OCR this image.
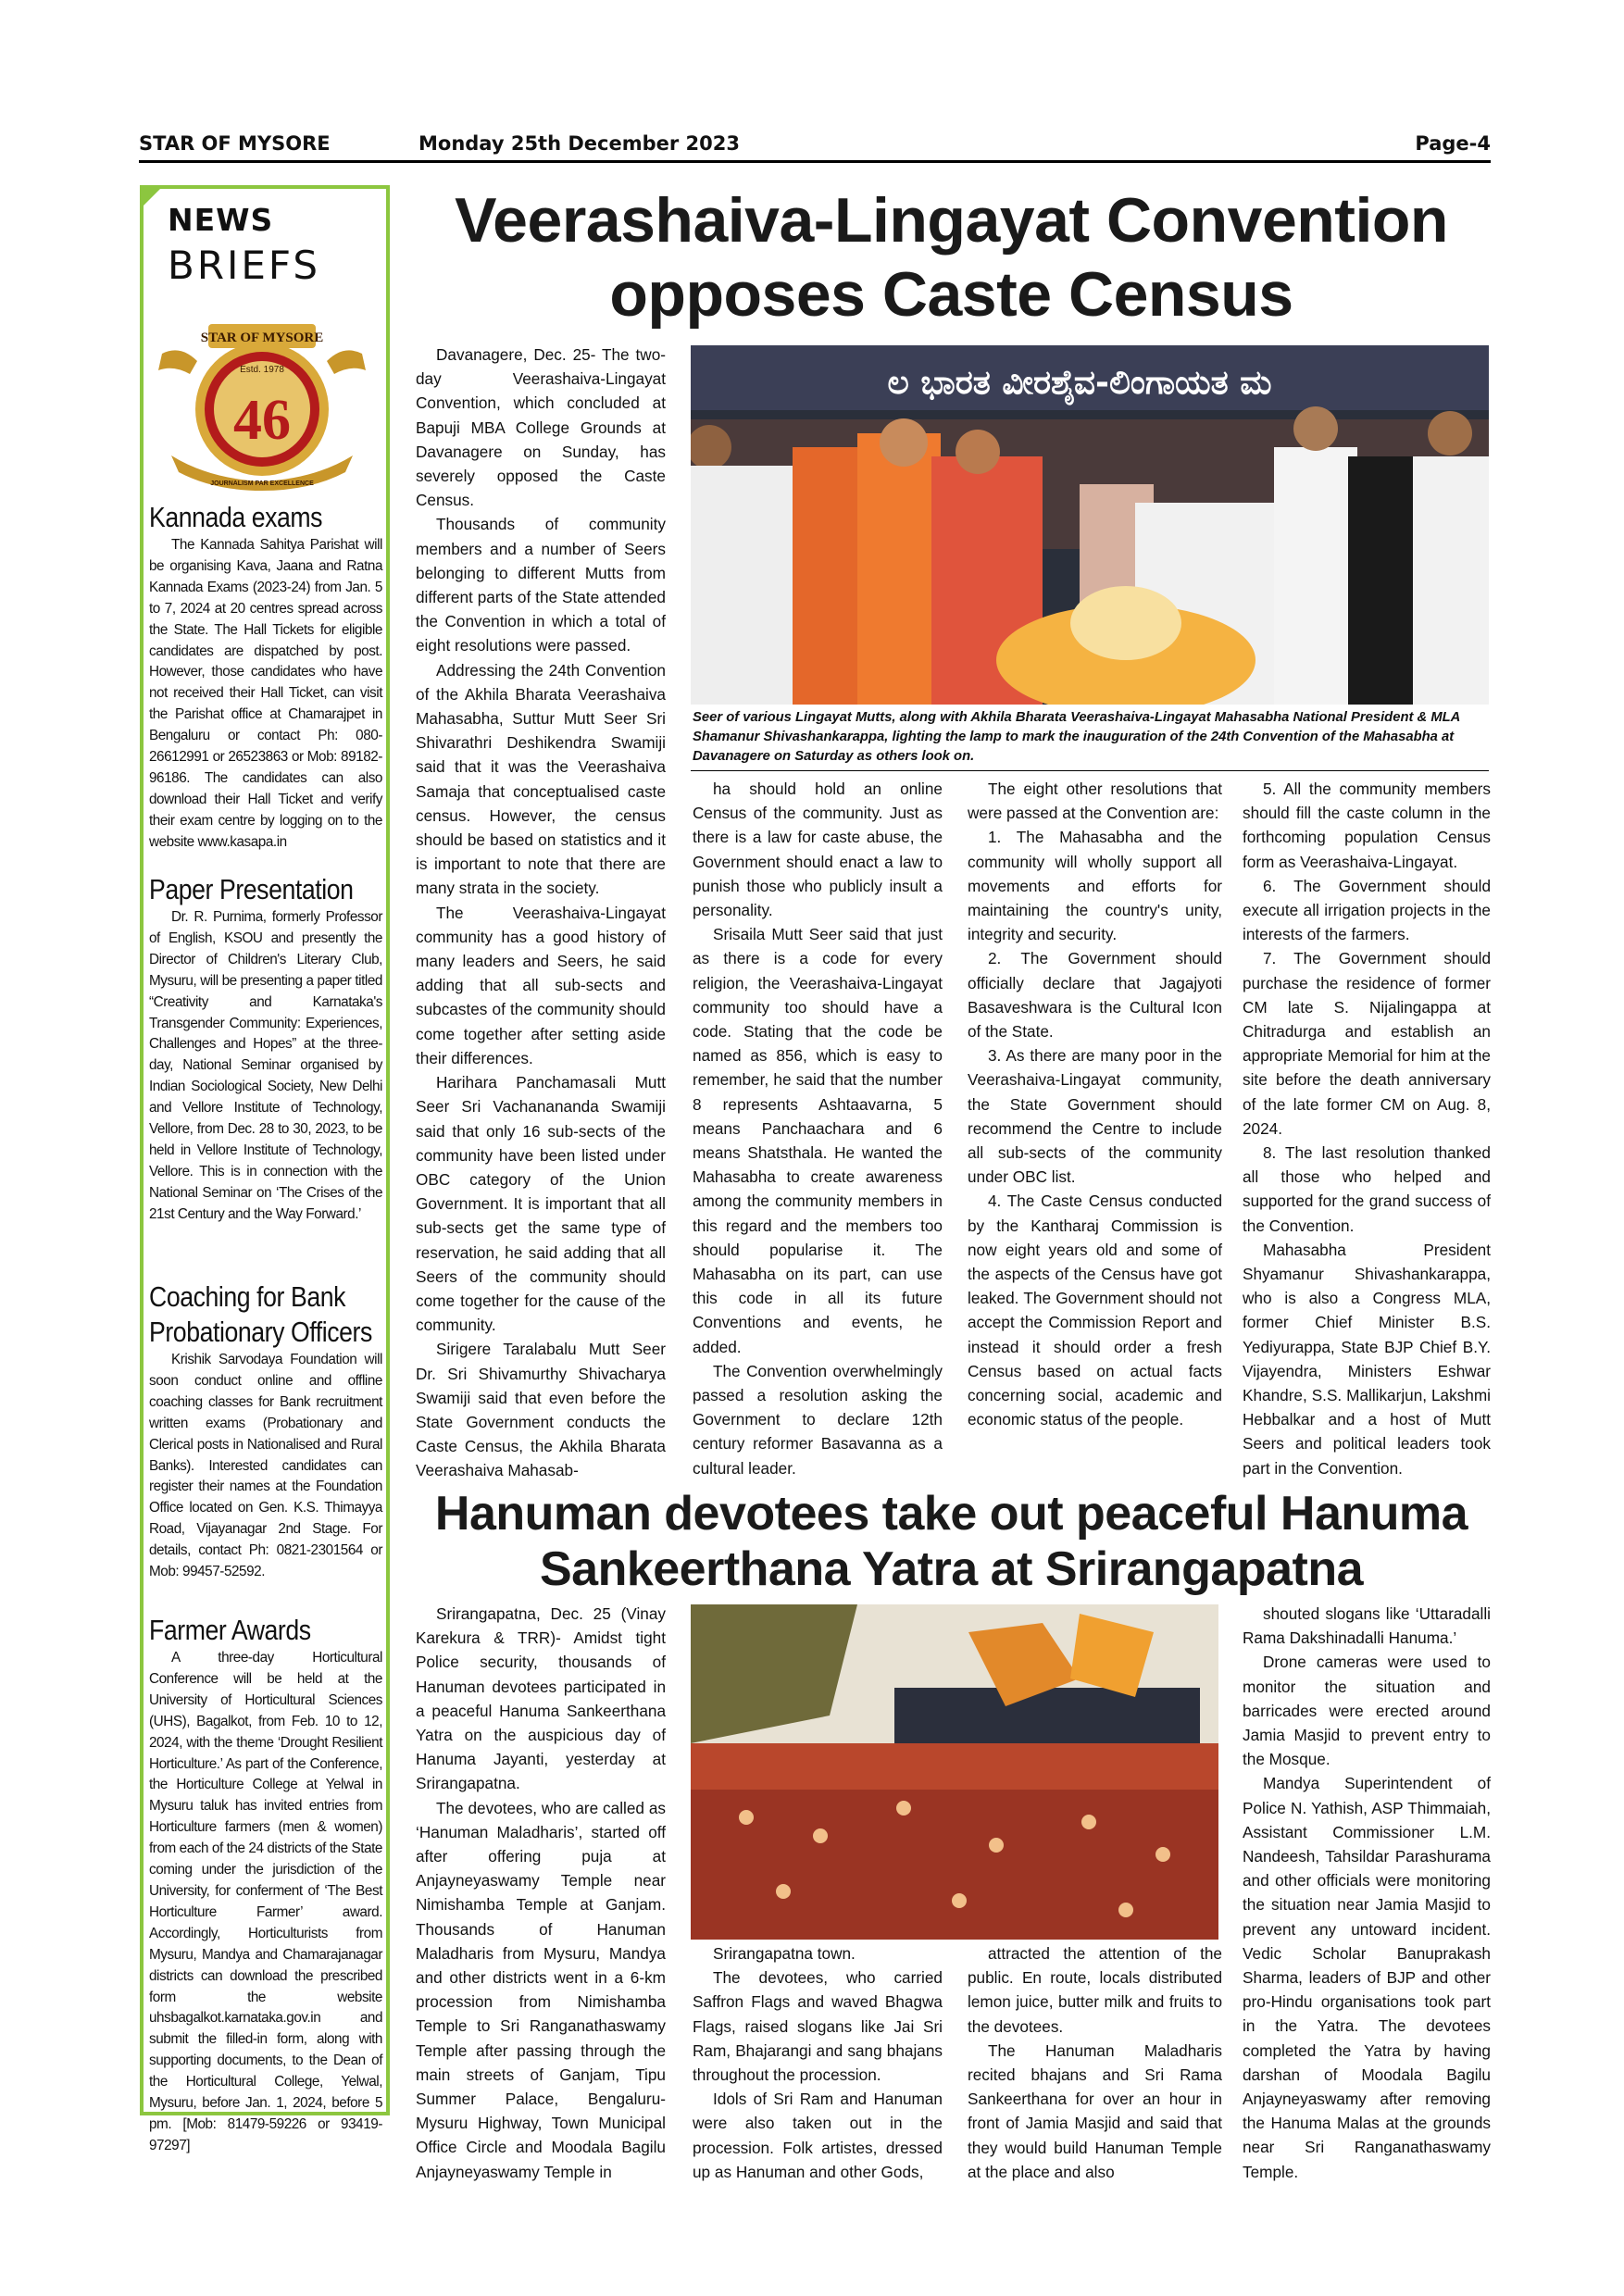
STAR OF MYSORE	Monday 25th December 2023	Page-4
NEWS
BRIEFS
STAR OF MYSORE
Estd. 1978
46
JOURNALISM PAR EXCELLENCE
Kannada exams

The Kannada Sahitya Parishat will be organising Kava, Jaana and Ratna Kannada Exams (2023-24) from Jan. 5 to 7, 2024 at 20 centres spread across the State. The Hall Tickets for eligible candidates are dispatched by post. However, those candidates who have not received their Hall Ticket, can visit the Parishat office at Chamarajpet in Bengaluru or contact Ph: 080-26612991 or 26523863 or Mob: 89182-96186. The candidates can also download their Hall Ticket and verify their exam centre by logging on to the website www.kasapa.in

Paper Presentation

Dr. R. Purnima, formerly Professor of English, KSOU and presently the Director of Children's Literary Club, Mysuru, will be presenting a paper titled “Creativity and Karnataka's Transgender Community: Experiences, Challenges and Hopes” at the three-day, National Seminar organised by Indian Sociological Society, New Delhi and Vellore Institute of Technology, Vellore, from Dec. 28 to 30, 2023, to be held in Vellore Institute of Technology, Vellore. This is in connection with the National Seminar on ‘The Crises of the 21st Century and the Way Forward.’

Coaching for Bank
Probationary Officers

Krishik Sarvodaya Foundation will soon conduct online and offline coaching classes for Bank recruitment written exams (Probationary and Clerical posts in Nationalised and Rural Banks). Interested candidates can register their names at the Foundation Office located on Gen. K.S. Thimayya Road, Vijayanagar 2nd Stage. For details, contact Ph: 0821-2301564 or Mob: 99457-52592.

Farmer Awards

A three-day Horticultural Conference will be held at the University of Horticultural Sciences (UHS), Bagalkot, from Feb. 10 to 12, 2024, with the theme ‘Drought Resilient Horticulture.’ As part of the Conference, the Horticulture College at Yelwal in Mysuru taluk has invited entries from Horticulture farmers (men & women) from each of the 24 districts of the State coming under the jurisdiction of the University, for conferment of ‘The Best Horticulture Farmer’ award. Accordingly, Horticulturists from Mysuru, Mandya and Chamarajanagar districts can download the prescribed form the website uhsbagalkot.karnataka.gov.in and submit the filled-in form, along with supporting documents, to the Dean of the Horticultural College, Yelwal, Mysuru, before Jan. 1, 2024, before 5 pm. [Mob: 81479-59226 or 93419-97297]

Veerashaiva-Lingayat Convention
opposes Caste Census

Davanagere, Dec. 25- The two-day Veerashaiva-Lingayat Convention, which concluded at Bapuji MBA College Grounds at Davanagere on Sunday, has severely opposed the Caste Census.

Thousands of community members and a number of Seers belonging to different Mutts from different parts of the State attended the Convention in which a total of eight resolutions were passed.

Addressing the 24th Convention of the Akhila Bharata Veerashaiva Mahasabha, Suttur Mutt Seer Sri Shivarathri Deshikendra Swamiji said that it was the Veerashaiva Samaja that conceptualised caste census. However, the census should be based on statistics and it is important to note that there are many strata in the society.

The Veerashaiva-Lingayat community has a good history of many leaders and Seers, he said adding that all sub-sects and subcastes of the community should come together after setting aside their differences.

Harihara Panchamasali Mutt Seer Sri Vachanananda Swamiji said that only 16 sub-sects of the community have been listed under OBC category of the Union Government. It is important that all sub-sects get the same type of reservation, he said adding that all Seers of the community should come together for the cause of the community.

Sirigere Taralabalu Mutt Seer Dr. Sri Shivamurthy Shivacharya Swamiji said that even before the State Government conducts the Caste Census, the Akhila Bharata Veerashaiva Mahasab-

ಲ ಭಾರತ ವೀರಶೈವ-ಲಿಂಗಾಯತ ಮ
Seer of various Lingayat Mutts, along with Akhila Bharata Veerashaiva-Lingayat Mahasabha National President & MLA Shamanur Shivashankarappa, lighting the lamp to mark the inauguration of the 24th Convention of the Mahasabha at Davanagere on Saturday as others look on.

ha should hold an online Census of the community. Just as there is a law for caste abuse, the Government should enact a law to punish those who publicly insult a personality.

Srisaila Mutt Seer said that just as there is a code for every religion, the Veerashaiva-Lingayat community too should have a code. Stating that the code be named as 856, which is easy to remember, he said that the number 8 represents Ashtaavarna, 5 means Panchaachara and 6 means Shatsthala. He wanted the Mahasabha to create awareness among the community members in this regard and the members too should popularise it. The Mahasabha on its part, can use this code in all its future Conventions and events, he added.

The Convention overwhelmingly passed a resolution asking the Government to declare 12th century reformer Basavanna as a cultural leader.

The eight other resolutions that were passed at the Convention are:

1. The Mahasabha and the community will wholly support all movements and efforts for maintaining the country's unity, integrity and security.

2. The Government should officially declare that Jagajyoti Basaveshwara is the Cultural Icon of the State.

3. As there are many poor in the Veerashaiva-Lingayat community, the State Government should recommend the Centre to include all sub-sects of the community under OBC list.

4. The Caste Census conducted by the Kantharaj Commission is now eight years old and some of the aspects of the Census have got leaked. The Government should not accept the Commission Report and instead it should order a fresh Census based on actual facts concerning social, academic and economic status of the people.

5. All the community members should fill the caste column in the forthcoming population Census form as Veerashaiva-Lingayat.

6. The Government should execute all irrigation projects in the interests of the farmers.

7. The Government should purchase the residence of former CM late S. Nijalingappa at Chitradurga and establish an appropriate Memorial for him at the site before the death anniversary of the late former CM on Aug. 8, 2024.

8. The last resolution thanked all those who helped and supported for the grand success of the Convention.

Mahasabha President Shyamanur Shivashankarappa, who is also a Congress MLA, former Chief Minister B.S. Yediyurappa, State BJP Chief B.Y. Vijayendra, Ministers Eshwar Khandre, S.S. Mallikarjun, Lakshmi Hebbalkar and a host of Mutt Seers and political leaders took part in the Convention.

Hanuman devotees take out peaceful Hanuma
Sankeerthana Yatra at Srirangapatna

Srirangapatna, Dec. 25 (Vinay Karekura & TRR)- Amidst tight Police security, thousands of Hanuman devotees participated in a peaceful Hanuma Sankeerthana Yatra on the auspicious day of Hanuma Jayanti, yesterday at Srirangapatna.

The devotees, who are called as ‘Hanuman Maladharis’, started off after offering puja at Anjayneyaswamy Temple near Nimishamba Temple at Ganjam. Thousands of Hanuman Maladharis from Mysuru, Mandya and other districts went in a 6-km procession from Nimishamba Temple to Sri Ranganathaswamy Temple after passing through the main streets of Ganjam, Tipu Summer Palace, Bengaluru-Mysuru Highway, Town Municipal Office Circle and Moodala Bagilu Anjayneyaswamy Temple in

Srirangapatna town.

The devotees, who carried Saffron Flags and waved Bhagwa Flags, raised slogans like Jai Sri Ram, Bhajarangi and sang bhajans throughout the procession.

Idols of Sri Ram and Hanuman were also taken out in the procession. Folk artistes, dressed up as Hanuman and other Gods,

attracted the attention of the public. En route, locals distributed lemon juice, butter milk and fruits to the devotees.

The Hanuman Maladharis recited bhajans and Sri Rama Sankeerthana for over an hour in front of Jamia Masjid and said that they would build Hanuman Temple at the place and also

shouted slogans like ‘Uttaradalli Rama Dakshinadalli Hanuma.’

Drone cameras were used to monitor the situation and barricades were erected around Jamia Masjid to prevent entry to the Mosque.

Mandya Superintendent of Police N. Yathish, ASP Thimmaiah, Assistant Commissioner L.M. Nandeesh, Tahsildar Parashurama and other officials were monitoring the situation near Jamia Masjid to prevent any untoward incident. Vedic Scholar Banuprakash Sharma, leaders of BJP and other pro-Hindu organisations took part in the Yatra. The devotees completed the Yatra by having darshan of Moodala Bagilu Anjayneyaswamy after removing the Hanuma Malas at the grounds near Sri Ranganathaswamy Temple.
